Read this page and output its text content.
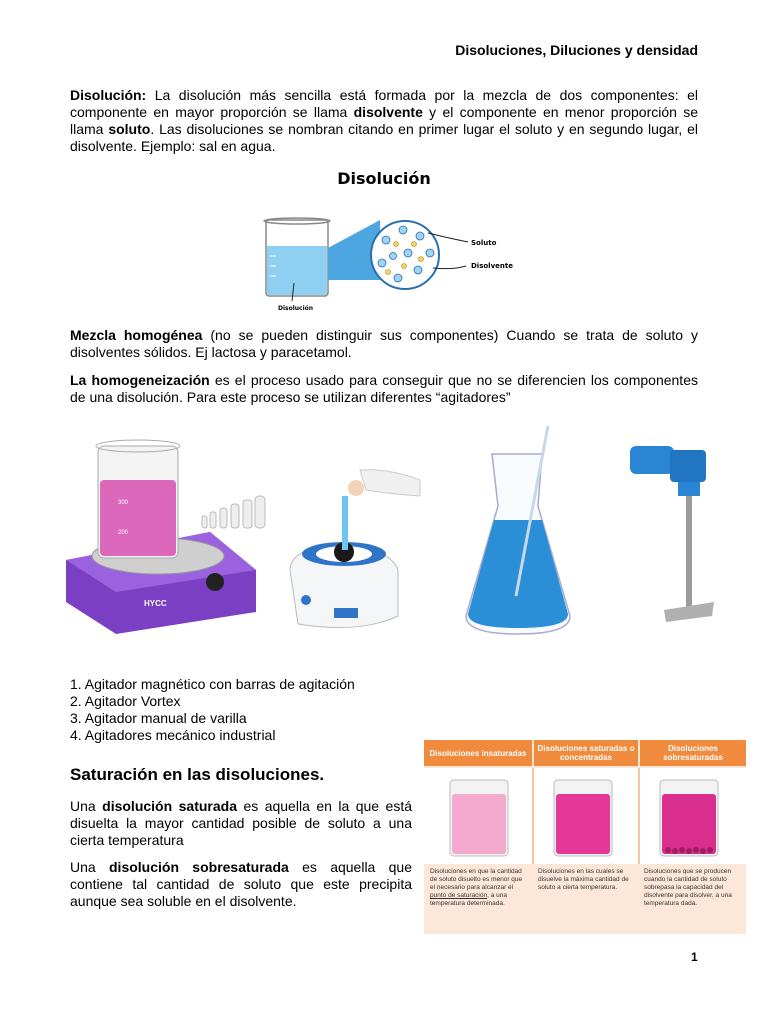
Disoluciones, Diluciones y densidad

Disolución: La disolución más sencilla está formada por la mezcla de dos componentes: el componente en mayor proporción se llama disolvente y el componente en menor proporción se llama soluto. Las disoluciones se nombran citando en primer lugar el soluto y en segundo lugar, el disolvente. Ejemplo: sal en agua.

Disolución
Soluto
Disolvente
Disolución

Mezcla homogénea (no se pueden distinguir sus componentes) Cuando se trata de soluto y disolventes sólidos. Ej lactosa y paracetamol.

La homogeneización es el proceso usado para conseguir que no se diferencien los componentes de una disolución. Para este proceso se utilizan diferentes “agitadores”

300
200
HYCC
1. Agitador magnético con barras de agitación
2. Agitador Vortex
3. Agitador manual de varilla
4. Agitadores mecánico industrial
Saturación en las disoluciones.

Una disolución saturada es aquella en la que está disuelta la mayor cantidad posible de soluto a una cierta temperatura

Una disolución sobresaturada es aquella que contiene tal cantidad de soluto que este precipita aunque sea soluble en el disolvente.

Disoluciones insaturadas	Disoluciones saturadas o concentradas
Disoluciones sobresaturadas
Disoluciones en que la cantidad de soluto disuelto es menor que el necesario para alcanzar el punto de saturación, a una temperatura determinada.
Disoluciones en las cuales se disuelve la máxima cantidad de soluto a cierta temperatura.
Disoluciones que se producen cuando la cantidad de soluto sobrepasa la capacidad del disolvente para disolver, a una temperatura dada.
1
